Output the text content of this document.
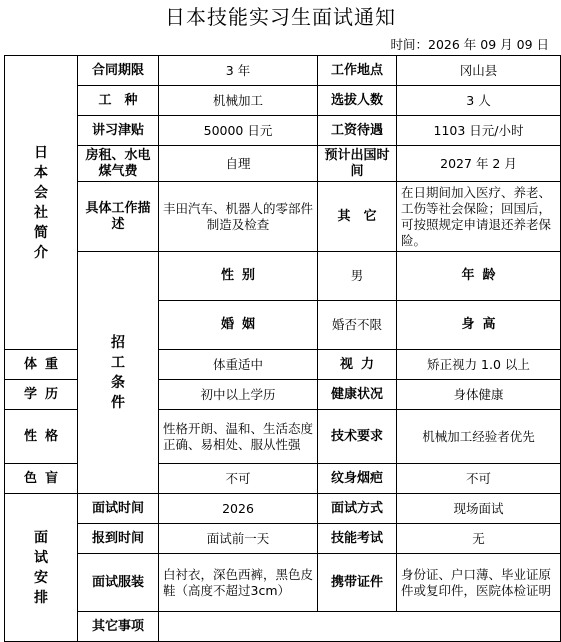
日本技能实习生面试通知
时间：2026 年 09 月 09 日
日本会社简介	合同期限	3 年	工作地点	冈山县	
	工　种	机械加工	选拔人数	3 人	
	讲习津贴	50000 日元	工资待遇	1103 日元/小时	
	房租、水电煤气费	自理	预计出国时间	2027 年 2 月	
	具体工作描述	丰田汽车、机器人的零部件制造及检查	其　它	在日期间加入医疗、养老、工伤等社会保险；回国后，可按照规定申请退还养老保险。	
	招工条件	性别	男	年龄	
		婚姻	婚否不限	身高	
体重		体重适中	视力	矫正视力 1.0 以上	
学历		初中以上学历	健康状况	身体健康	
性格		性格开朗、温和、生活态度正确、易相处、服从性强	技术要求	机械加工经验者优先	
色盲		不可	纹身烟疤	不可	
面试安排	面试时间	2026	面试方式	现场面试	
	报到时间	面试前一天	技能考试	无	
	面试服装	白衬衣，深色西裤，黑色皮鞋（高度不超过3cm）	携带证件	身份证、户口薄、毕业证原件或复印件，医院体检证明	
	其它事项				
